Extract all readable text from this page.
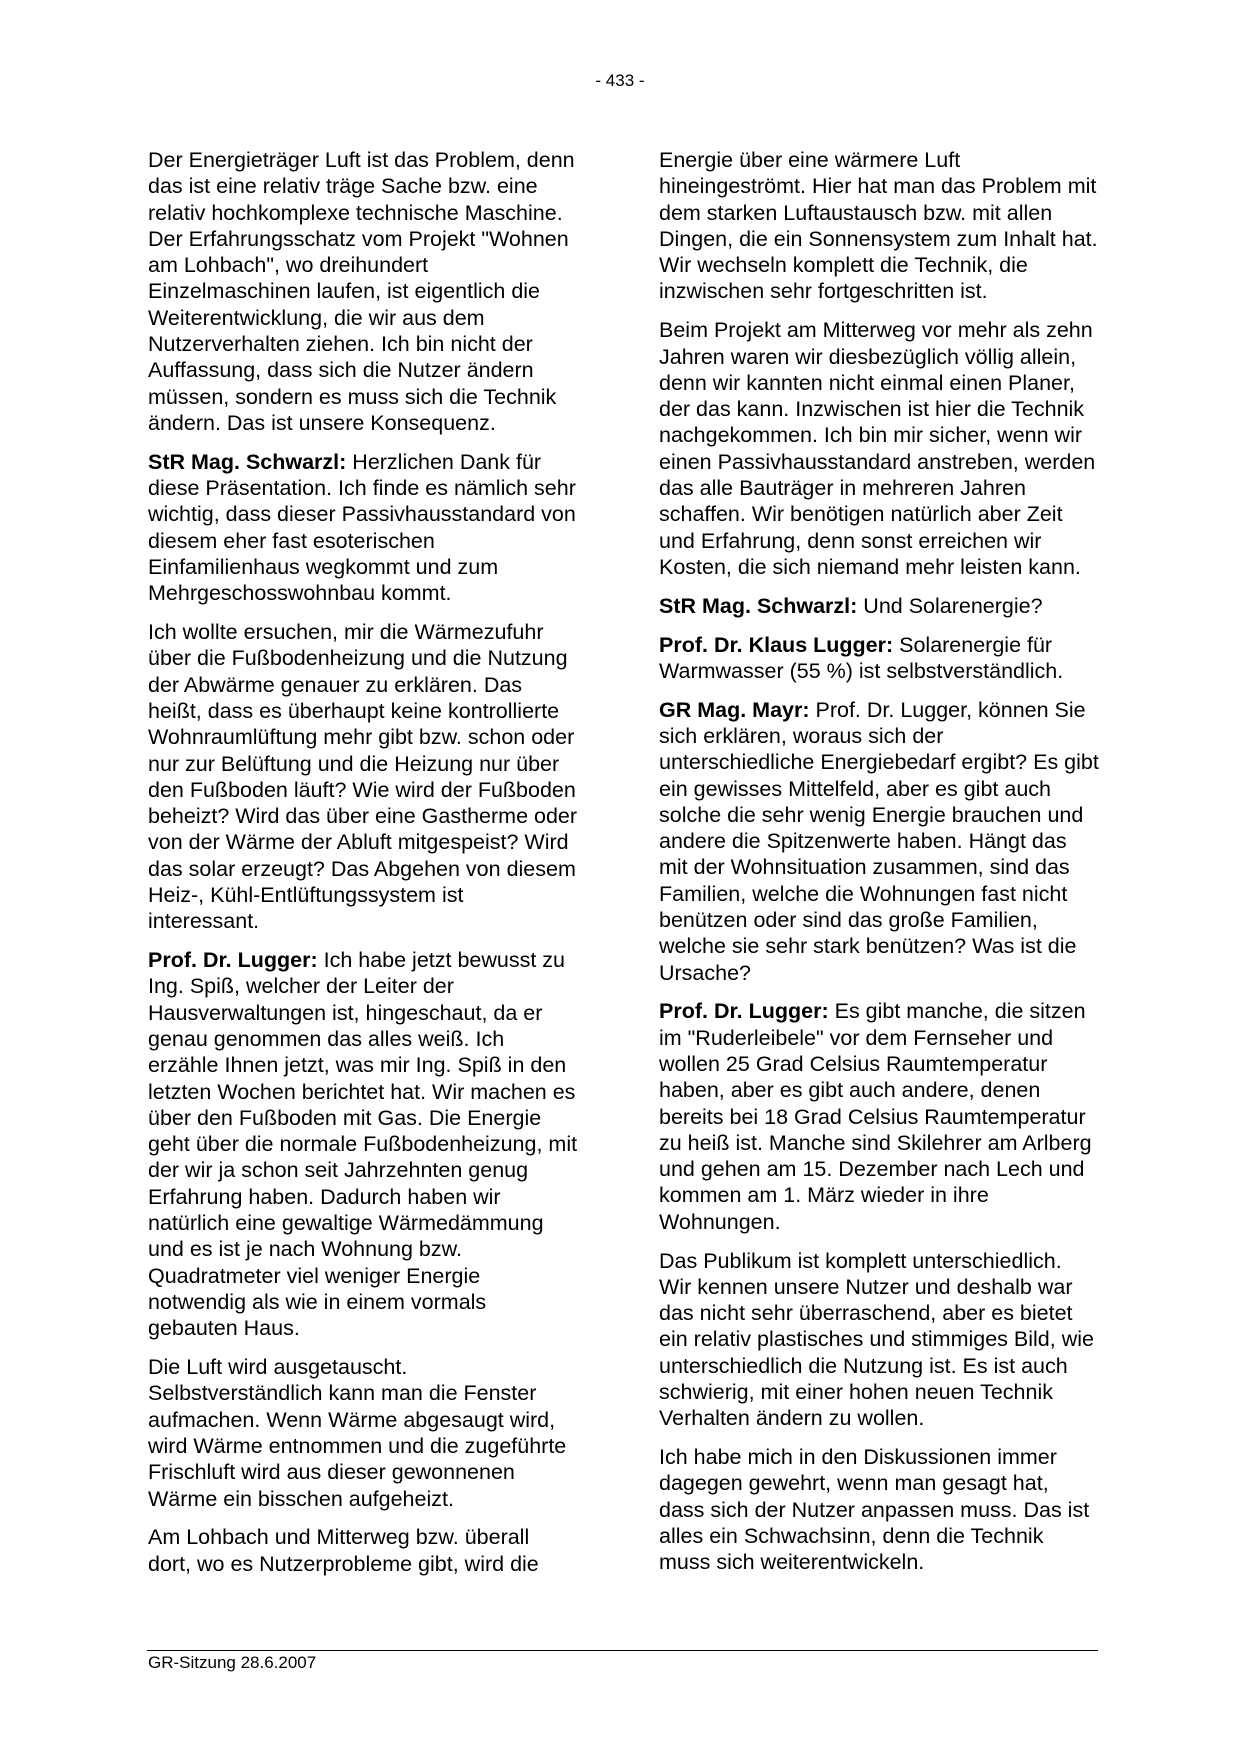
- 433 -

Der Energieträger Luft ist das Problem, denn das ist eine relativ träge Sache bzw. eine relativ hochkomplexe technische Maschine. Der Erfahrungsschatz vom Projekt "Wohnen am Lohbach", wo dreihundert Einzelmaschinen laufen, ist eigentlich die Weiterentwicklung, die wir aus dem Nutzerverhalten ziehen. Ich bin nicht der Auffassung, dass sich die Nutzer ändern müssen, sondern es muss sich die Technik ändern. Das ist unsere Konsequenz.

StR Mag. Schwarzl: Herzlichen Dank für diese Präsentation. Ich finde es nämlich sehr wichtig, dass dieser Passivhausstandard von diesem eher fast esoterischen Einfamilienhaus wegkommt und zum Mehrgeschosswohnbau kommt.

Ich wollte ersuchen, mir die Wärmezufuhr über die Fußbodenheizung und die Nutzung der Abwärme genauer zu erklären. Das heißt, dass es überhaupt keine kontrollierte Wohnraumlüftung mehr gibt bzw. schon oder nur zur Belüftung und die Heizung nur über den Fußboden läuft? Wie wird der Fußboden beheizt? Wird das über eine Gastherme oder von der Wärme der Abluft mitgespeist? Wird das solar erzeugt? Das Abgehen von diesem Heiz-, Kühl-Entlüftungssystem ist interessant.

Prof. Dr. Lugger: Ich habe jetzt bewusst zu Ing. Spiß, welcher der Leiter der Hausverwaltungen ist, hingeschaut, da er genau genommen das alles weiß. Ich erzähle Ihnen jetzt, was mir Ing. Spiß in den letzten Wochen berichtet hat. Wir machen es über den Fußboden mit Gas. Die Energie geht über die normale Fußbodenheizung, mit der wir ja schon seit Jahrzehnten genug Erfahrung haben. Dadurch haben wir natürlich eine gewaltige Wärmedämmung und es ist je nach Wohnung bzw. Quadratmeter viel weniger Energie notwendig als wie in einem vormals gebauten Haus.

Die Luft wird ausgetauscht. Selbstverständlich kann man die Fenster aufmachen. Wenn Wärme abgesaugt wird, wird Wärme entnommen und die zugeführte Frischluft wird aus dieser gewonnenen Wärme ein bisschen aufgeheizt.

Am Lohbach und Mitterweg bzw. überall dort, wo es Nutzerprobleme gibt, wird die

Energie über eine wärmere Luft hineingeströmt. Hier hat man das Problem mit dem starken Luftaustausch bzw. mit allen Dingen, die ein Sonnensystem zum Inhalt hat. Wir wechseln komplett die Technik, die inzwischen sehr fortgeschritten ist.

Beim Projekt am Mitterweg vor mehr als zehn Jahren waren wir diesbezüglich völlig allein, denn wir kannten nicht einmal einen Planer, der das kann. Inzwischen ist hier die Technik nachgekommen. Ich bin mir sicher, wenn wir einen Passivhausstandard anstreben, werden das alle Bauträger in mehreren Jahren schaffen. Wir benötigen natürlich aber Zeit und Erfahrung, denn sonst erreichen wir Kosten, die sich niemand mehr leisten kann.

StR Mag. Schwarzl: Und Solarenergie?

Prof. Dr. Klaus Lugger: Solarenergie für Warmwasser (55 %) ist selbstverständlich.

GR Mag. Mayr: Prof. Dr. Lugger, können Sie sich erklären, woraus sich der unterschiedliche Energiebedarf ergibt? Es gibt ein gewisses Mittelfeld, aber es gibt auch solche die sehr wenig Energie brauchen und andere die Spitzenwerte haben. Hängt das mit der Wohnsituation zusammen, sind das Familien, welche die Wohnungen fast nicht benützen oder sind das große Familien, welche sie sehr stark benützen? Was ist die Ursache?

Prof. Dr. Lugger: Es gibt manche, die sitzen im "Ruderleibele" vor dem Fernseher und wollen 25 Grad Celsius Raumtemperatur haben, aber es gibt auch andere, denen bereits bei 18 Grad Celsius Raumtemperatur zu heiß ist. Manche sind Skilehrer am Arlberg und gehen am 15. Dezember nach Lech und kommen am 1. März wieder in ihre Wohnungen.

Das Publikum ist komplett unterschiedlich. Wir kennen unsere Nutzer und deshalb war das nicht sehr überraschend, aber es bietet ein relativ plastisches und stimmiges Bild, wie unterschiedlich die Nutzung ist. Es ist auch schwierig, mit einer hohen neuen Technik Verhalten ändern zu wollen.

Ich habe mich in den Diskussionen immer dagegen gewehrt, wenn man gesagt hat, dass sich der Nutzer anpassen muss. Das ist alles ein Schwachsinn, denn die Technik muss sich weiterentwickeln.

GR-Sitzung 28.6.2007
